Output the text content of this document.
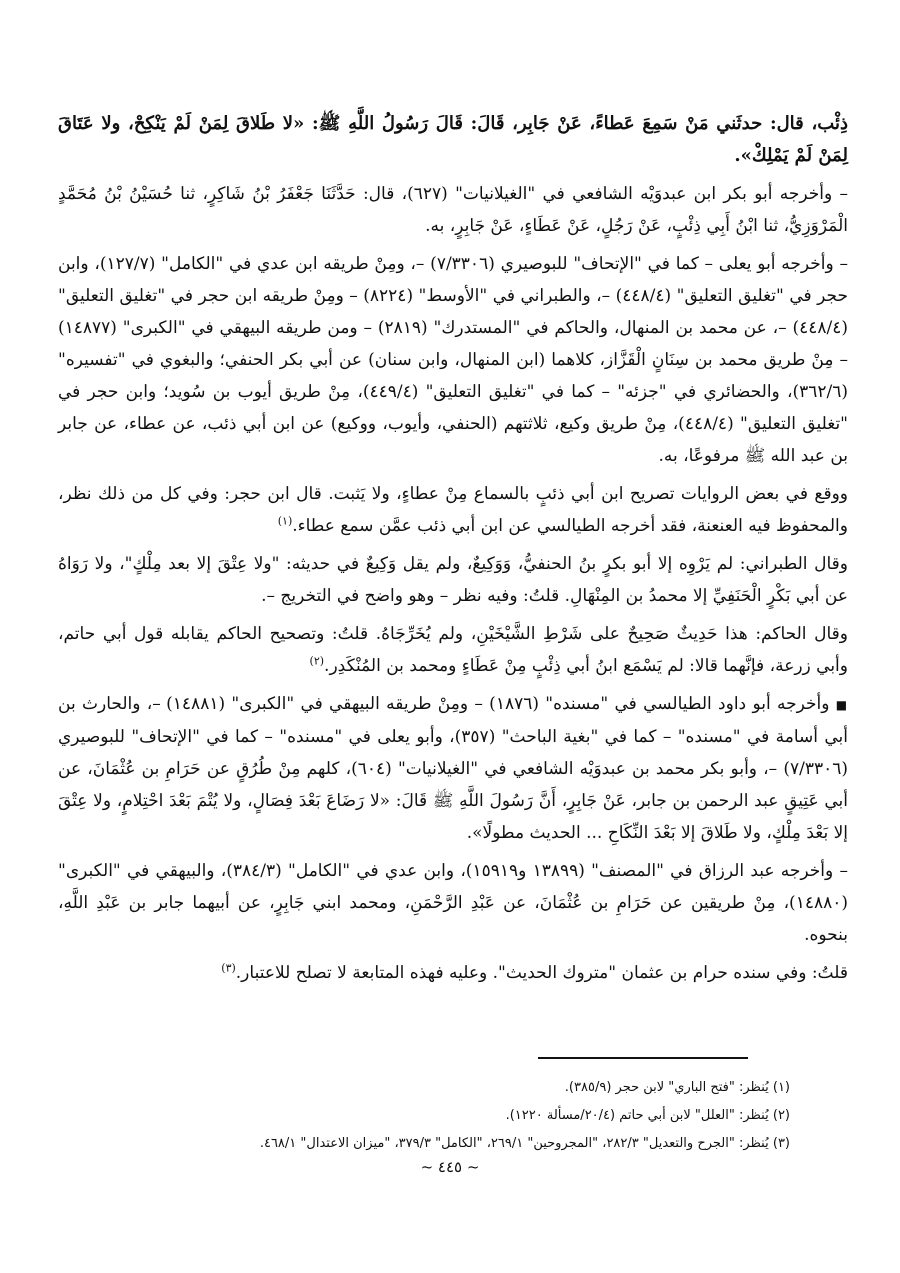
ذِئْب، قال: حدثَني مَنْ سَمِعَ عَطاءً، عَنْ جَابِر، قَالَ: قَالَ رَسُولُ اللَّهِ ﷺ: «لا طَلاقَ لِمَنْ لَمْ يَنْكِحْ، ولا عَتَاقَ لِمَنْ لَمْ يَمْلِكْ».

– وأخرجه أبو بكر ابن عبدوَيْه الشافعي في "الغيلانيات" (٦٢٧)، قال: حَدَّثَنَا جَعْفَرُ بْنُ شَاكِرٍ، ثنا حُسَيْنُ بْنُ مُحَمَّدٍ الْمَرْوَزِيُّ، ثنا ابْنُ أَبِي ذِئْبٍ، عَنْ رَجُلٍ، عَنْ عَطَاءٍ، عَنْ جَابِرٍ، به.

– وأخرجه أبو يعلى – كما في "الإتحاف" للبوصيري (٧/٣٣٠٦) –، ومِنْ طريقه ابن عدي في "الكامل" (١٢٧/٧)، وابن حجر في "تغليق التعليق" (٤٤٨/٤) –، والطبراني في "الأوسط" (٨٢٢٤) – ومِنْ طريقه ابن حجر في "تغليق التعليق" (٤٤٨/٤) –، عن محمد بن المنهال، والحاكم في "المستدرك" (٢٨١٩) – ومن طريقه البيهقي في "الكبرى" (١٤٨٧٧) – مِنْ طريق محمد بن سِنَانٍ الْقَزَّاز، كلاهما (ابن المنهال، وابن سنان) عن أبي بكر الحنفي؛ والبغوي في "تفسيره" (٣٦٢/٦)، والحضائري في "جزئه" – كما في "تغليق التعليق" (٤٤٩/٤)، مِنْ طريق أيوب بن سُويد؛ وابن حجر في "تغليق التعليق" (٤٤٨/٤)، مِنْ طريق وكيع، ثلاثتهم (الحنفي، وأيوب، ووكيع) عن ابن أبي ذئب، عن عطاء، عن جابر بن عبد الله ﷺ مرفوعًا، به.

ووقع في بعض الروايات تصريح ابن أبي ذئبٍ بالسماع مِنْ عطاءٍ، ولا يَثبت. قال ابن حجر: وفي كل من ذلك نظر، والمحفوظ فيه العنعنة، فقد أخرجه الطيالسي عن ابن أبي ذئب عمَّن سمع عطاء.$^{(١)}$

وقال الطبراني: لم يَرْوِه إلا أبو بكرٍ بنُ الحنفيُّ، وَوَكِيعٌ، ولم يقل وَكِيعٌ في حديثه: "ولا عِتْقَ إلا بعد مِلْكٍ"، ولا رَوَاهُ عن أبي بَكْرٍ الْحَنَفِيِّ إلا محمدُ بن المِنْهَالِ. قلتُ: وفيه نظر – وهو واضح في التخريج –.

وقال الحاكم: هذا حَدِيثٌ صَحِيحٌ على شَرْطِ الشَّيْخَيْنِ، ولم يُخَرِّجَاهُ. قلتُ: وتصحيح الحاكم يقابله قول أبي حاتم، وأبي زرعة، فإنَّهما قالا: لم يَسْمَع ابنُ أبي ذِئْبٍ مِنْ عَطَاءٍ ومحمد بن المُنْكَدِر.$^{(٢)}$

■ وأخرجه أبو داود الطيالسي في "مسنده" (١٨٧٦) – ومِنْ طريقه البيهقي في "الكبرى" (١٤٨٨١) –، والحارث بن أبي أسامة في "مسنده" – كما في "بغية الباحث" (٣٥٧)، وأبو يعلى في "مسنده" – كما في "الإتحاف" للبوصيري (٧/٣٣٠٦) –، وأبو بكر محمد بن عبدوَيْه الشافعي في "الغيلانيات" (٦٠٤)، كلهم مِنْ طُرُقٍ عن حَرَامِ بن عُثْمَانَ، عن أبي عَتِيقٍ عبد الرحمن بن جابر، عَنْ جَابِرٍ، أَنَّ رَسُولَ اللَّهِ ﷺ قَالَ: «لا رَضَاعَ بَعْدَ فِصَالٍ، ولا يُتْمَ بَعْدَ احْتِلامٍ، ولا عِتْقَ إلا بَعْدَ مِلْكٍ، ولا طَلاقَ إلا بَعْدَ النِّكَاحِ ... الحديث مطولًا».

– وأخرجه عبد الرزاق في "المصنف" (١٣٨٩٩ و١٥٩١٩)، وابن عدي في "الكامل" (٣٨٤/٣)، والبيهقي في "الكبرى" (١٤٨٨٠)، مِنْ طريقين عن حَرَامِ بن عُثْمَانَ، عن عَبْدِ الرَّحْمَنِ، ومحمد ابني جَابِرٍ، عن أبيهما جابر بن عَبْدِ اللَّهِ، بنحوه.

قلتُ: وفي سنده حرام بن عثمان "متروك الحديث". وعليه فهذه المتابعة لا تصلح للاعتبار.$^{(٣)}$

(١) يُنظر: "فتح الباري" لابن حجر (٣٨٥/٩).
(٢) يُنظر: "العلل" لابن أبي حاتم (٢٠/٤/مسألة ١٢٢٠).
(٣) يُنظر: "الجرح والتعديل" ٢٨٢/٣، "المجروحين" ٢٦٩/١، "الكامل" ٣٧٩/٣، "ميزان الاعتدال" ٤٦٨/١.
~ ٤٤٥ ~
